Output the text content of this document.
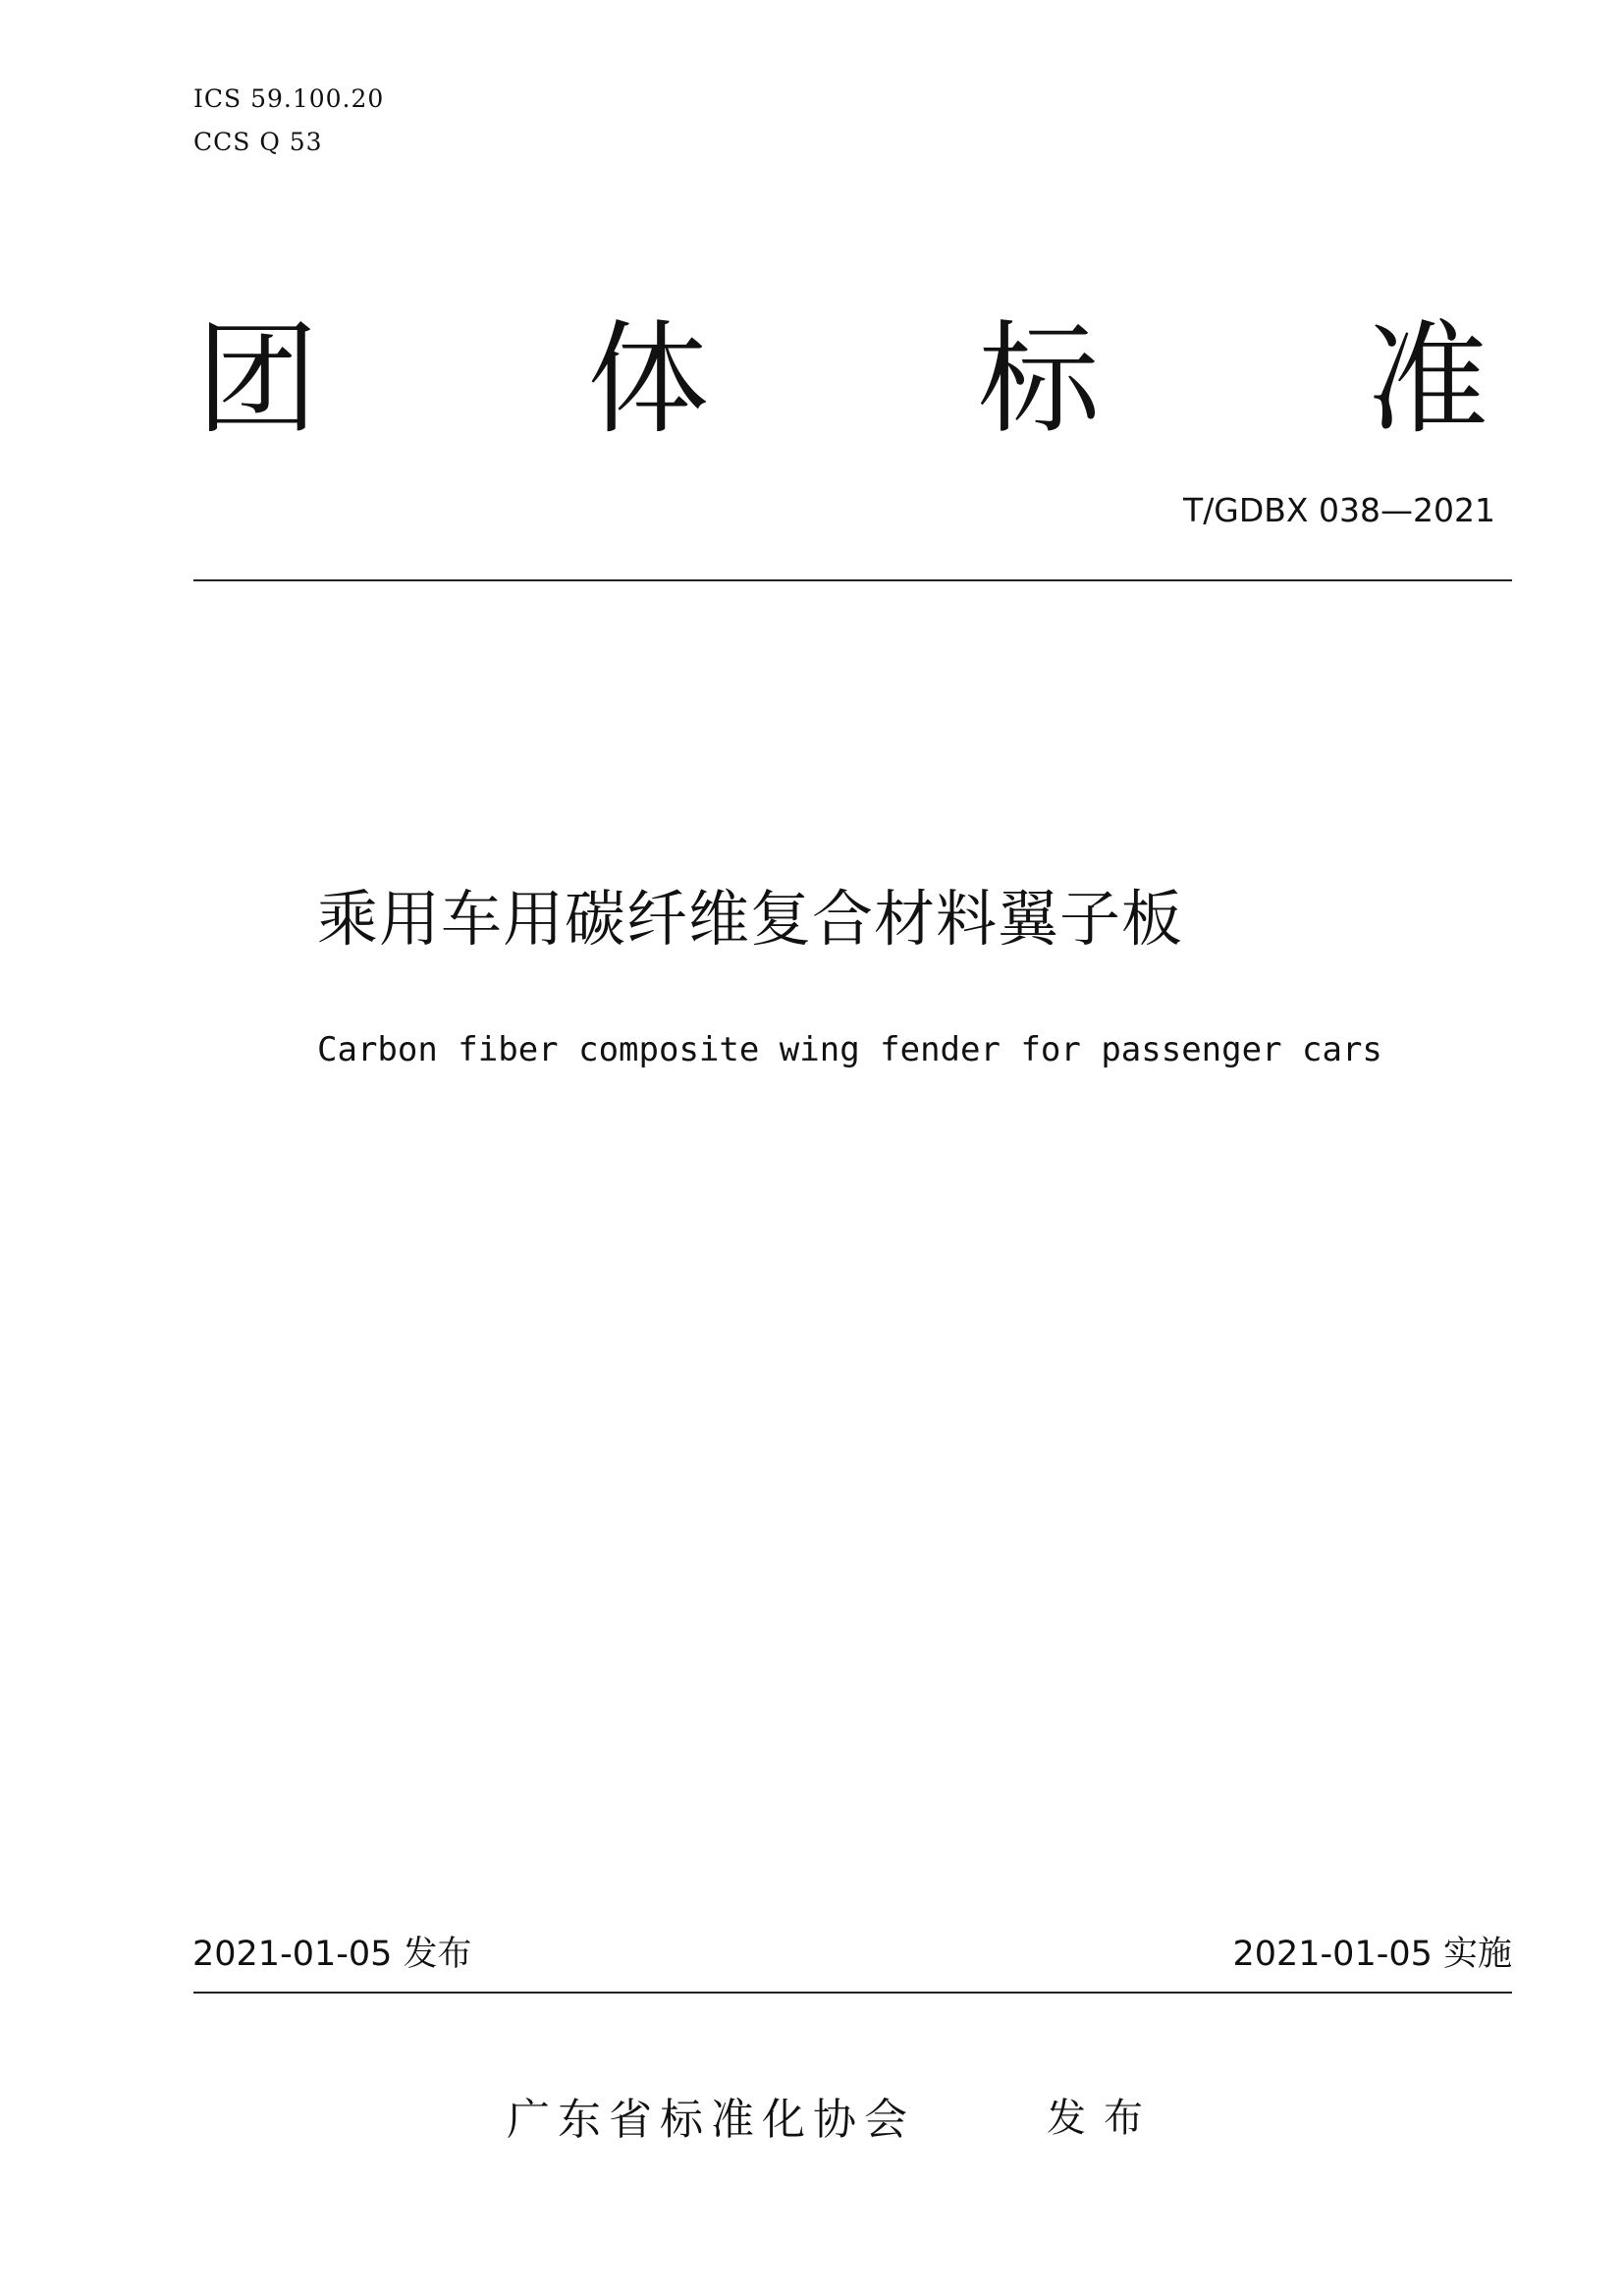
ICS 59.100.20
CCS Q 53
团 体 标 准
T/GDBX 038—2021
乘用车用碳纤维复合材料翼子板
Carbon fiber composite wing fender for passenger cars
2021-01-05 发布	2021-01-05 实施
广东省标准化协会	发布
